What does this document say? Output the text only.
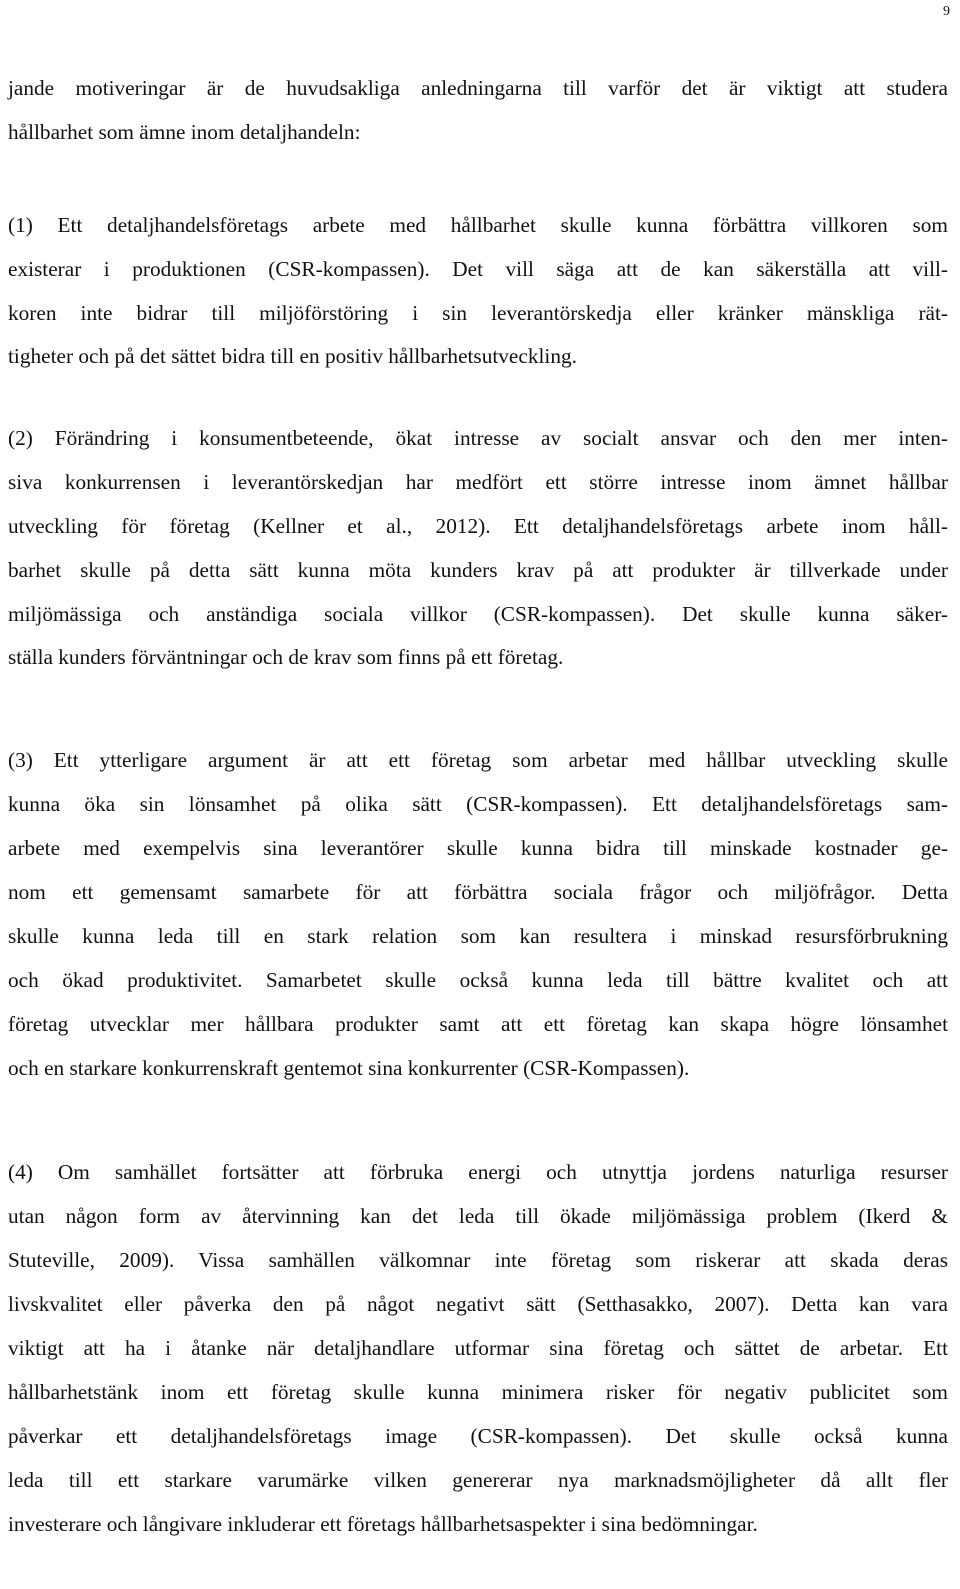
9
jande motiveringar är de huvudsakliga anledningarna till varför det är viktigt att studera
hållbarhet som ämne inom detaljhandeln:
(1) Ett detaljhandelsföretags arbete med hållbarhet skulle kunna förbättra villkoren som
existerar i produktionen (CSR-kompassen). Det vill säga att de kan säkerställa att vill-
koren inte bidrar till miljöförstöring i sin leverantörskedja eller kränker mänskliga rät-
tigheter och på det sättet bidra till en positiv hållbarhetsutveckling.
(2) Förändring i konsumentbeteende, ökat intresse av socialt ansvar och den mer inten-
siva konkurrensen i leverantörskedjan har medfört ett större intresse inom ämnet hållbar
utveckling för företag (Kellner et al., 2012). Ett detaljhandelsföretags arbete inom håll-
barhet skulle på detta sätt kunna möta kunders krav på att produkter är tillverkade under
miljömässiga och anständiga sociala villkor (CSR-kompassen). Det skulle kunna säker-
ställa kunders förväntningar och de krav som finns på ett företag.
(3) Ett ytterligare argument är att ett företag som arbetar med hållbar utveckling skulle
kunna öka sin lönsamhet på olika sätt (CSR-kompassen). Ett detaljhandelsföretags sam-
arbete med exempelvis sina leverantörer skulle kunna bidra till minskade kostnader ge-
nom ett gemensamt samarbete för att förbättra sociala frågor och miljöfrågor. Detta
skulle kunna leda till en stark relation som kan resultera i minskad resursförbrukning
och ökad produktivitet. Samarbetet skulle också kunna leda till bättre kvalitet och att
företag utvecklar mer hållbara produkter samt att ett företag kan skapa högre lönsamhet
och en starkare konkurrenskraft gentemot sina konkurrenter (CSR-Kompassen).
(4) Om samhället fortsätter att förbruka energi och utnyttja jordens naturliga resurser
utan någon form av återvinning kan det leda till ökade miljömässiga problem (Ikerd &
Stuteville, 2009). Vissa samhällen välkomnar inte företag som riskerar att skada deras
livskvalitet eller påverka den på något negativt sätt (Setthasakko, 2007). Detta kan vara
viktigt att ha i åtanke när detaljhandlare utformar sina företag och sättet de arbetar. Ett
hållbarhetstänk inom ett företag skulle kunna minimera risker för negativ publicitet som
påverkar ett detaljhandelsföretags image (CSR-kompassen). Det skulle också kunna
leda till ett starkare varumärke vilken genererar nya marknadsmöjligheter då allt fler
investerare och långivare inkluderar ett företags hållbarhetsaspekter i sina bedömningar.
